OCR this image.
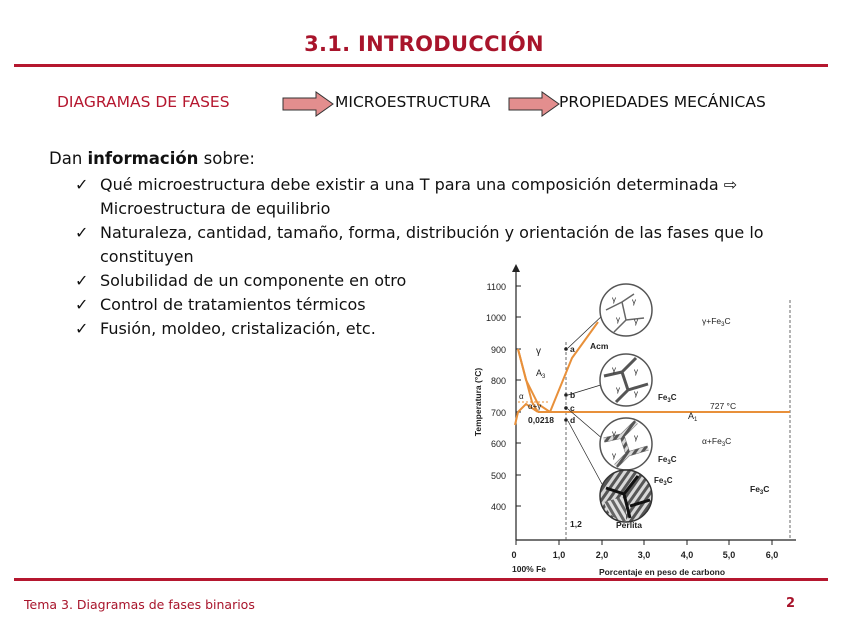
3.1. INTRODUCCIÓN
DIAGRAMAS DE FASES	MICROESTRUCTURA	PROPIEDADES MECÁNICAS
Dan información sobre:
✓ Qué microestructura debe existir a una T para una composición determinada ⇨
Microestructura de equilibrio
✓ Naturaleza, cantidad, tamaño, forma, distribución y orientación de las fases que lo
constituyen
✓ Solubilidad de un componente en otro
✓ Control de tratamientos térmicos
✓ Fusión, moldeo, cristalización, etc.
1100
1000
900
800
700
600
500
400
Temperatura (°C)
0	1,0	2,0	3,0	4,0	5,0	6,0
100% Fe	Porcentaje en peso de carbono
γ
$A_3$
α
α+γ
0,0218
Acm
$\gamma+Fe_3C$
727 °C
$A_1$
$\alpha+Fe_3C$
$Fe_3C$
1,2
a
b
c
d
γ γ
γ γ
γ γ
γ γ	$Fe_3C$
γ γ
γ	$Fe_3C$
$Fe_3C$
Perlita
Tema 3. Diagramas de fases binarios	2
